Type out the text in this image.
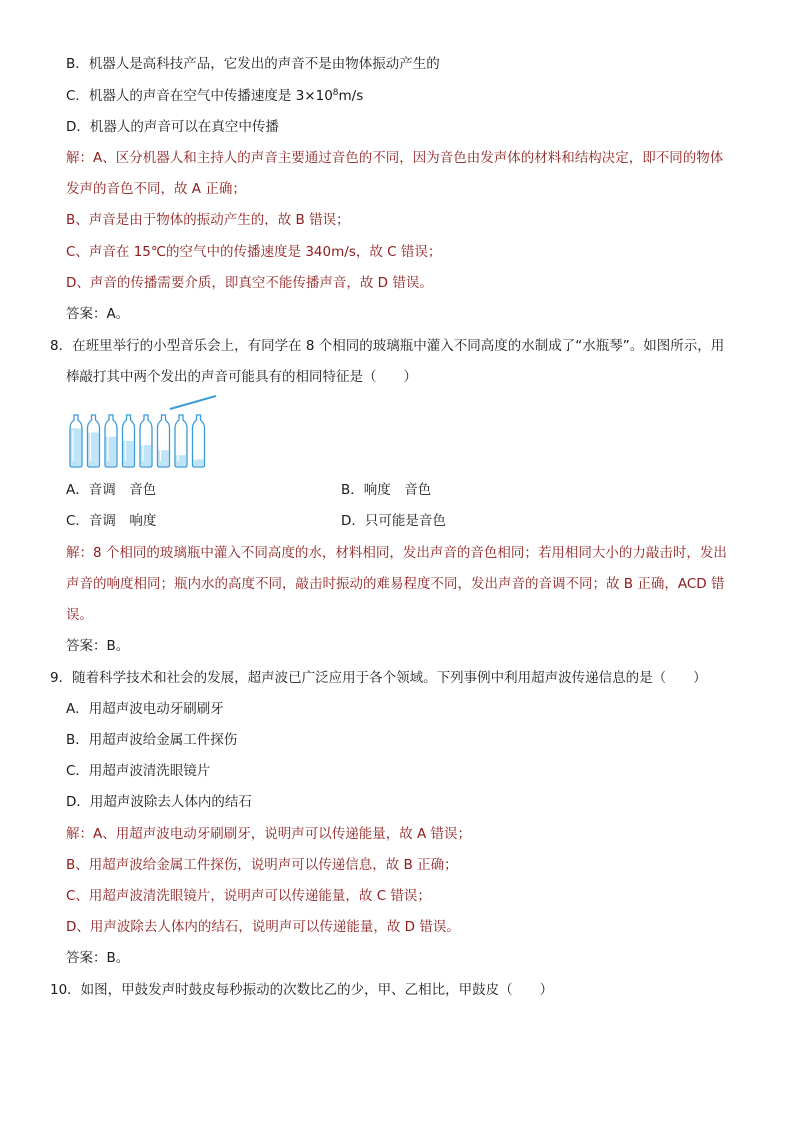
B．机器人是高科技产品，它发出的声音不是由物体振动产生的
C．机器人的声音在空气中传播速度是 $3\times 10^8m/s$
D．机器人的声音可以在真空中传播
解：A、区分机器人和主持人的声音主要通过音色的不同，因为音色由发声体的材料和结构决定，即不同的物体
发声的音色不同，故 A 正确；
B、声音是由于物体的振动产生的，故 B 错误；
C、声音在 15℃的空气中的传播速度是 340m/s，故 C 错误；
D、声音的传播需要介质，即真空不能传播声音，故 D 错误。
答案：A。
8．在班里举行的小型音乐会上，有同学在 8 个相同的玻璃瓶中灌入不同高度的水制成了“水瓶琴”。如图所示，用
棒敲打其中两个发出的声音可能具有的相同特征是（　　）
A．音调　音色	B．响度　音色
C．音调　响度	D．只可能是音色
解：8 个相同的玻璃瓶中灌入不同高度的水，材料相同，发出声音的音色相同；若用相同大小的力敲击时，发出
声音的响度相同；瓶内水的高度不同，敲击时振动的难易程度不同，发出声音的音调不同；故 B 正确，ACD 错
误。
答案：B。
9．随着科学技术和社会的发展，超声波已广泛应用于各个领域。下列事例中利用超声波传递信息的是（　　）
A．用超声波电动牙刷刷牙
B．用超声波给金属工件探伤
C．用超声波清洗眼镜片
D．用超声波除去人体内的结石
解：A、用超声波电动牙刷刷牙，说明声可以传递能量，故 A 错误；
B、用超声波给金属工件探伤，说明声可以传递信息，故 B 正确；
C、用超声波清洗眼镜片，说明声可以传递能量，故 C 错误；
D、用声波除去人体内的结石，说明声可以传递能量，故 D 错误。
答案：B。
10．如图，甲鼓发声时鼓皮每秒振动的次数比乙的少，甲、乙相比，甲鼓皮（　　）
